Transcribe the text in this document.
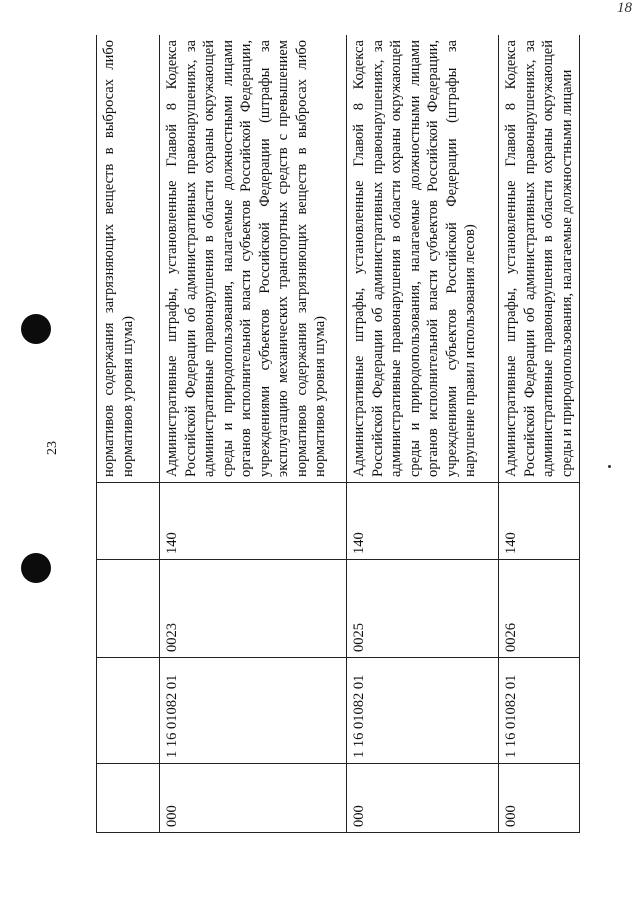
23
18
				нормативов содержания загрязняющих веществ в выбросах либо нормативов уровня шума)
000	1 16 01082 01	0023	140	Административные штрафы, установленные Главой 8 Кодекса Российской Федерации об административных правонарушениях, за административные правонарушения в области охраны окружающей среды и природопользования, налагаемые должностными лицами органов исполнительной власти субъектов Российской Федерации, учреждениями субъектов Российской Федерации (штрафы за эксплуатацию механических транспортных средств с превышением нормативов содержания загрязняющих веществ в выбросах либо нормативов уровня шума)
000	1 16 01082 01	0025	140	Административные штрафы, установленные Главой 8 Кодекса Российской Федерации об административных правонарушениях, за административные правонарушения в области охраны окружающей среды и природопользования, налагаемые должностными лицами органов исполнительной власти субъектов Российской Федерации, учреждениями субъектов Российской Федерации (штрафы за нарушение правил использования лесов)
000	1 16 01082 01	0026	140	Административные штрафы, установленные Главой 8 Кодекса Российской Федерации об административных правонарушениях, за административные правонарушения в области охраны окружающей среды и природопользования, налагаемые должностными лицами
